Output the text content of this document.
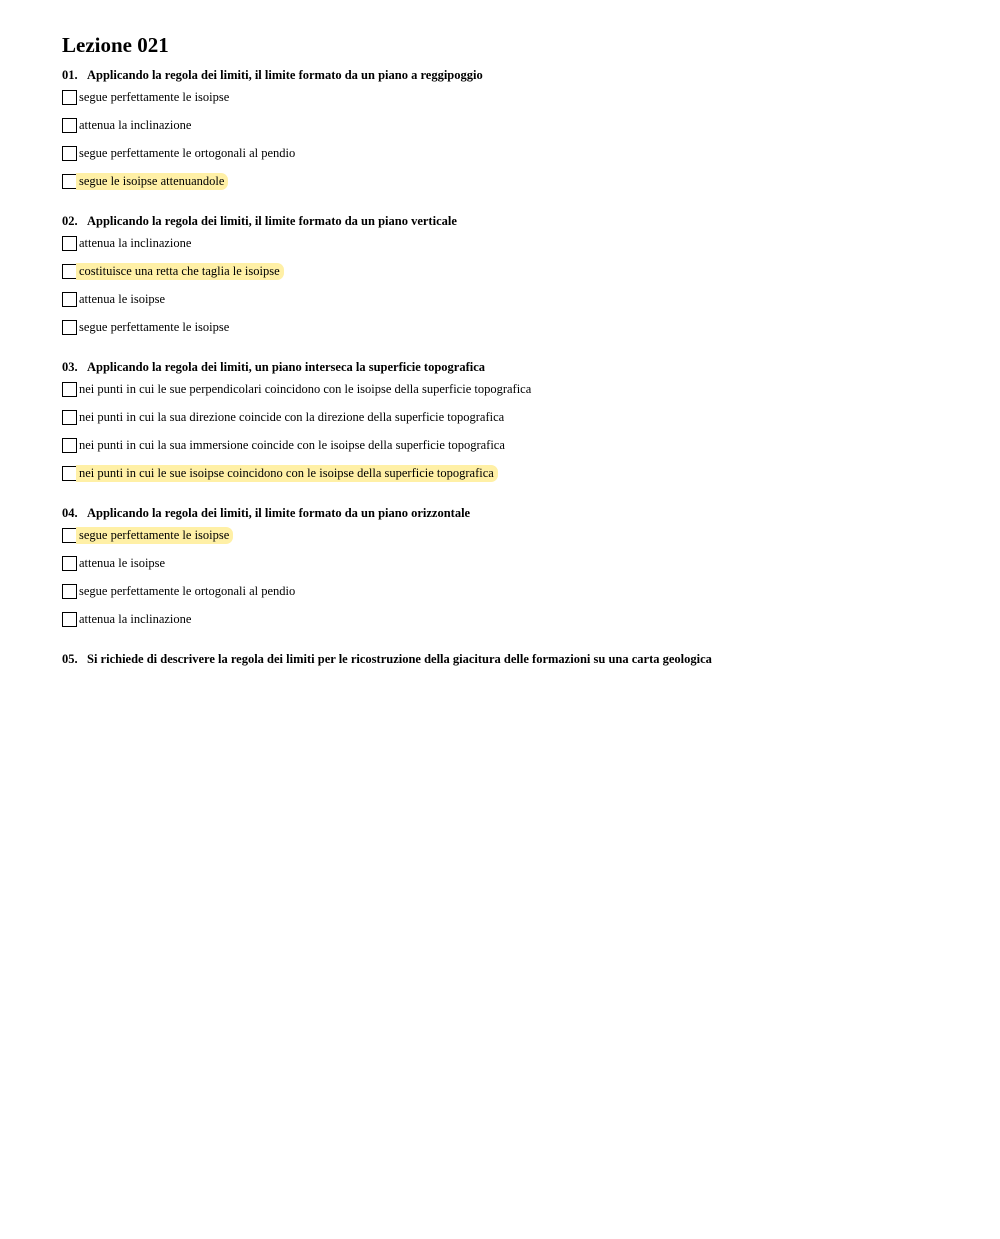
Lezione 021
01. Applicando la regola dei limiti, il limite formato da un piano a reggipoggio
segue perfettamente le isoipse
attenua la inclinazione
segue perfettamente le ortogonali al pendio
segue le isoipse attenuandole
02. Applicando la regola dei limiti, il limite formato da un piano verticale
attenua la inclinazione
costituisce una retta che taglia le isoipse
attenua le isoipse
segue perfettamente le isoipse
03. Applicando la regola dei limiti, un piano interseca la superficie topografica
nei punti in cui le sue perpendicolari coincidono con le isoipse della superficie topografica
nei punti in cui la sua direzione coincide con la direzione della superficie topografica
nei punti in cui la sua immersione coincide con le isoipse della superficie topografica
nei punti in cui le sue isoipse coincidono con le isoipse della superficie topografica
04. Applicando la regola dei limiti, il limite formato da un piano orizzontale
segue perfettamente le isoipse
attenua le isoipse
segue perfettamente le ortogonali al pendio
attenua la inclinazione
05. Si richiede di descrivere la regola dei limiti per le ricostruzione della giacitura delle formazioni su una carta geologica
